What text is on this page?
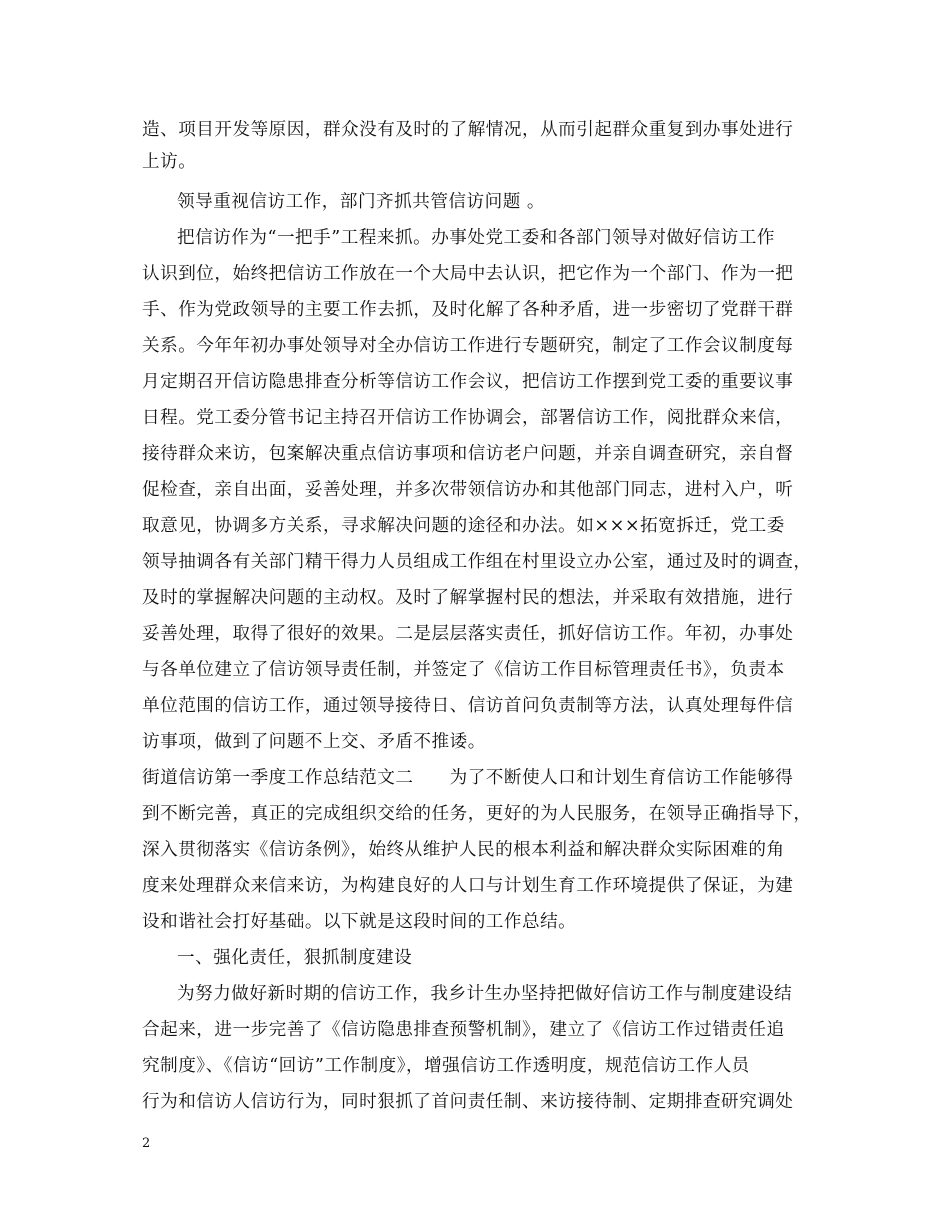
造、项目开发等原因，群众没有及时的了解情况，从而引起群众重复到办事处进行
上访。
领导重视信访工作，部门齐抓共管信访问题 。
把信访作为“一把手”工程来抓。办事处党工委和各部门领导对做好信访工作
认识到位，始终把信访工作放在一个大局中去认识，把它作为一个部门、作为一把
手、作为党政领导的主要工作去抓，及时化解了各种矛盾，进一步密切了党群干群
关系。今年年初办事处领导对全办信访工作进行专题研究，制定了工作会议制度每
月定期召开信访隐患排查分析等信访工作会议，把信访工作摆到党工委的重要议事
日程。党工委分管书记主持召开信访工作协调会，部署信访工作，阅批群众来信，
接待群众来访，包案解决重点信访事项和信访老户问题，并亲自调查研究，亲自督
促检查，亲自出面，妥善处理，并多次带领信访办和其他部门同志，进村入户，听
取意见，协调多方关系，寻求解决问题的途径和办法。如×××拓宽拆迁，党工委
领导抽调各有关部门精干得力人员组成工作组在村里设立办公室，通过及时的调查，
及时的掌握解决问题的主动权。及时了解掌握村民的想法，并采取有效措施，进行
妥善处理，取得了很好的效果。二是层层落实责任，抓好信访工作。年初，办事处
与各单位建立了信访领导责任制，并签定了《信访工作目标管理责任书》，负责本
单位范围的信访工作，通过领导接待日、信访首问负责制等方法，认真处理每件信
访事项，做到了问题不上交、矛盾不推诿。
街道信访第一季度工作总结范文二　　为了不断使人口和计划生育信访工作能够得
到不断完善，真正的完成组织交给的任务，更好的为人民服务，在领导正确指导下，
深入贯彻落实《信访条例》，始终从维护人民的根本利益和解决群众实际困难的角
度来处理群众来信来访，为构建良好的人口与计划生育工作环境提供了保证，为建
设和谐社会打好基础。以下就是这段时间的工作总结。
一、强化责任，狠抓制度建设
为努力做好新时期的信访工作，我乡计生办坚持把做好信访工作与制度建设结
合起来，进一步完善了《信访隐患排查预警机制》，建立了《信访工作过错责任追
究制度》、《信访“回访”工作制度》，增强信访工作透明度，规范信访工作人员
行为和信访人信访行为，同时狠抓了首问责任制、来访接待制、定期排查研究调处
2
